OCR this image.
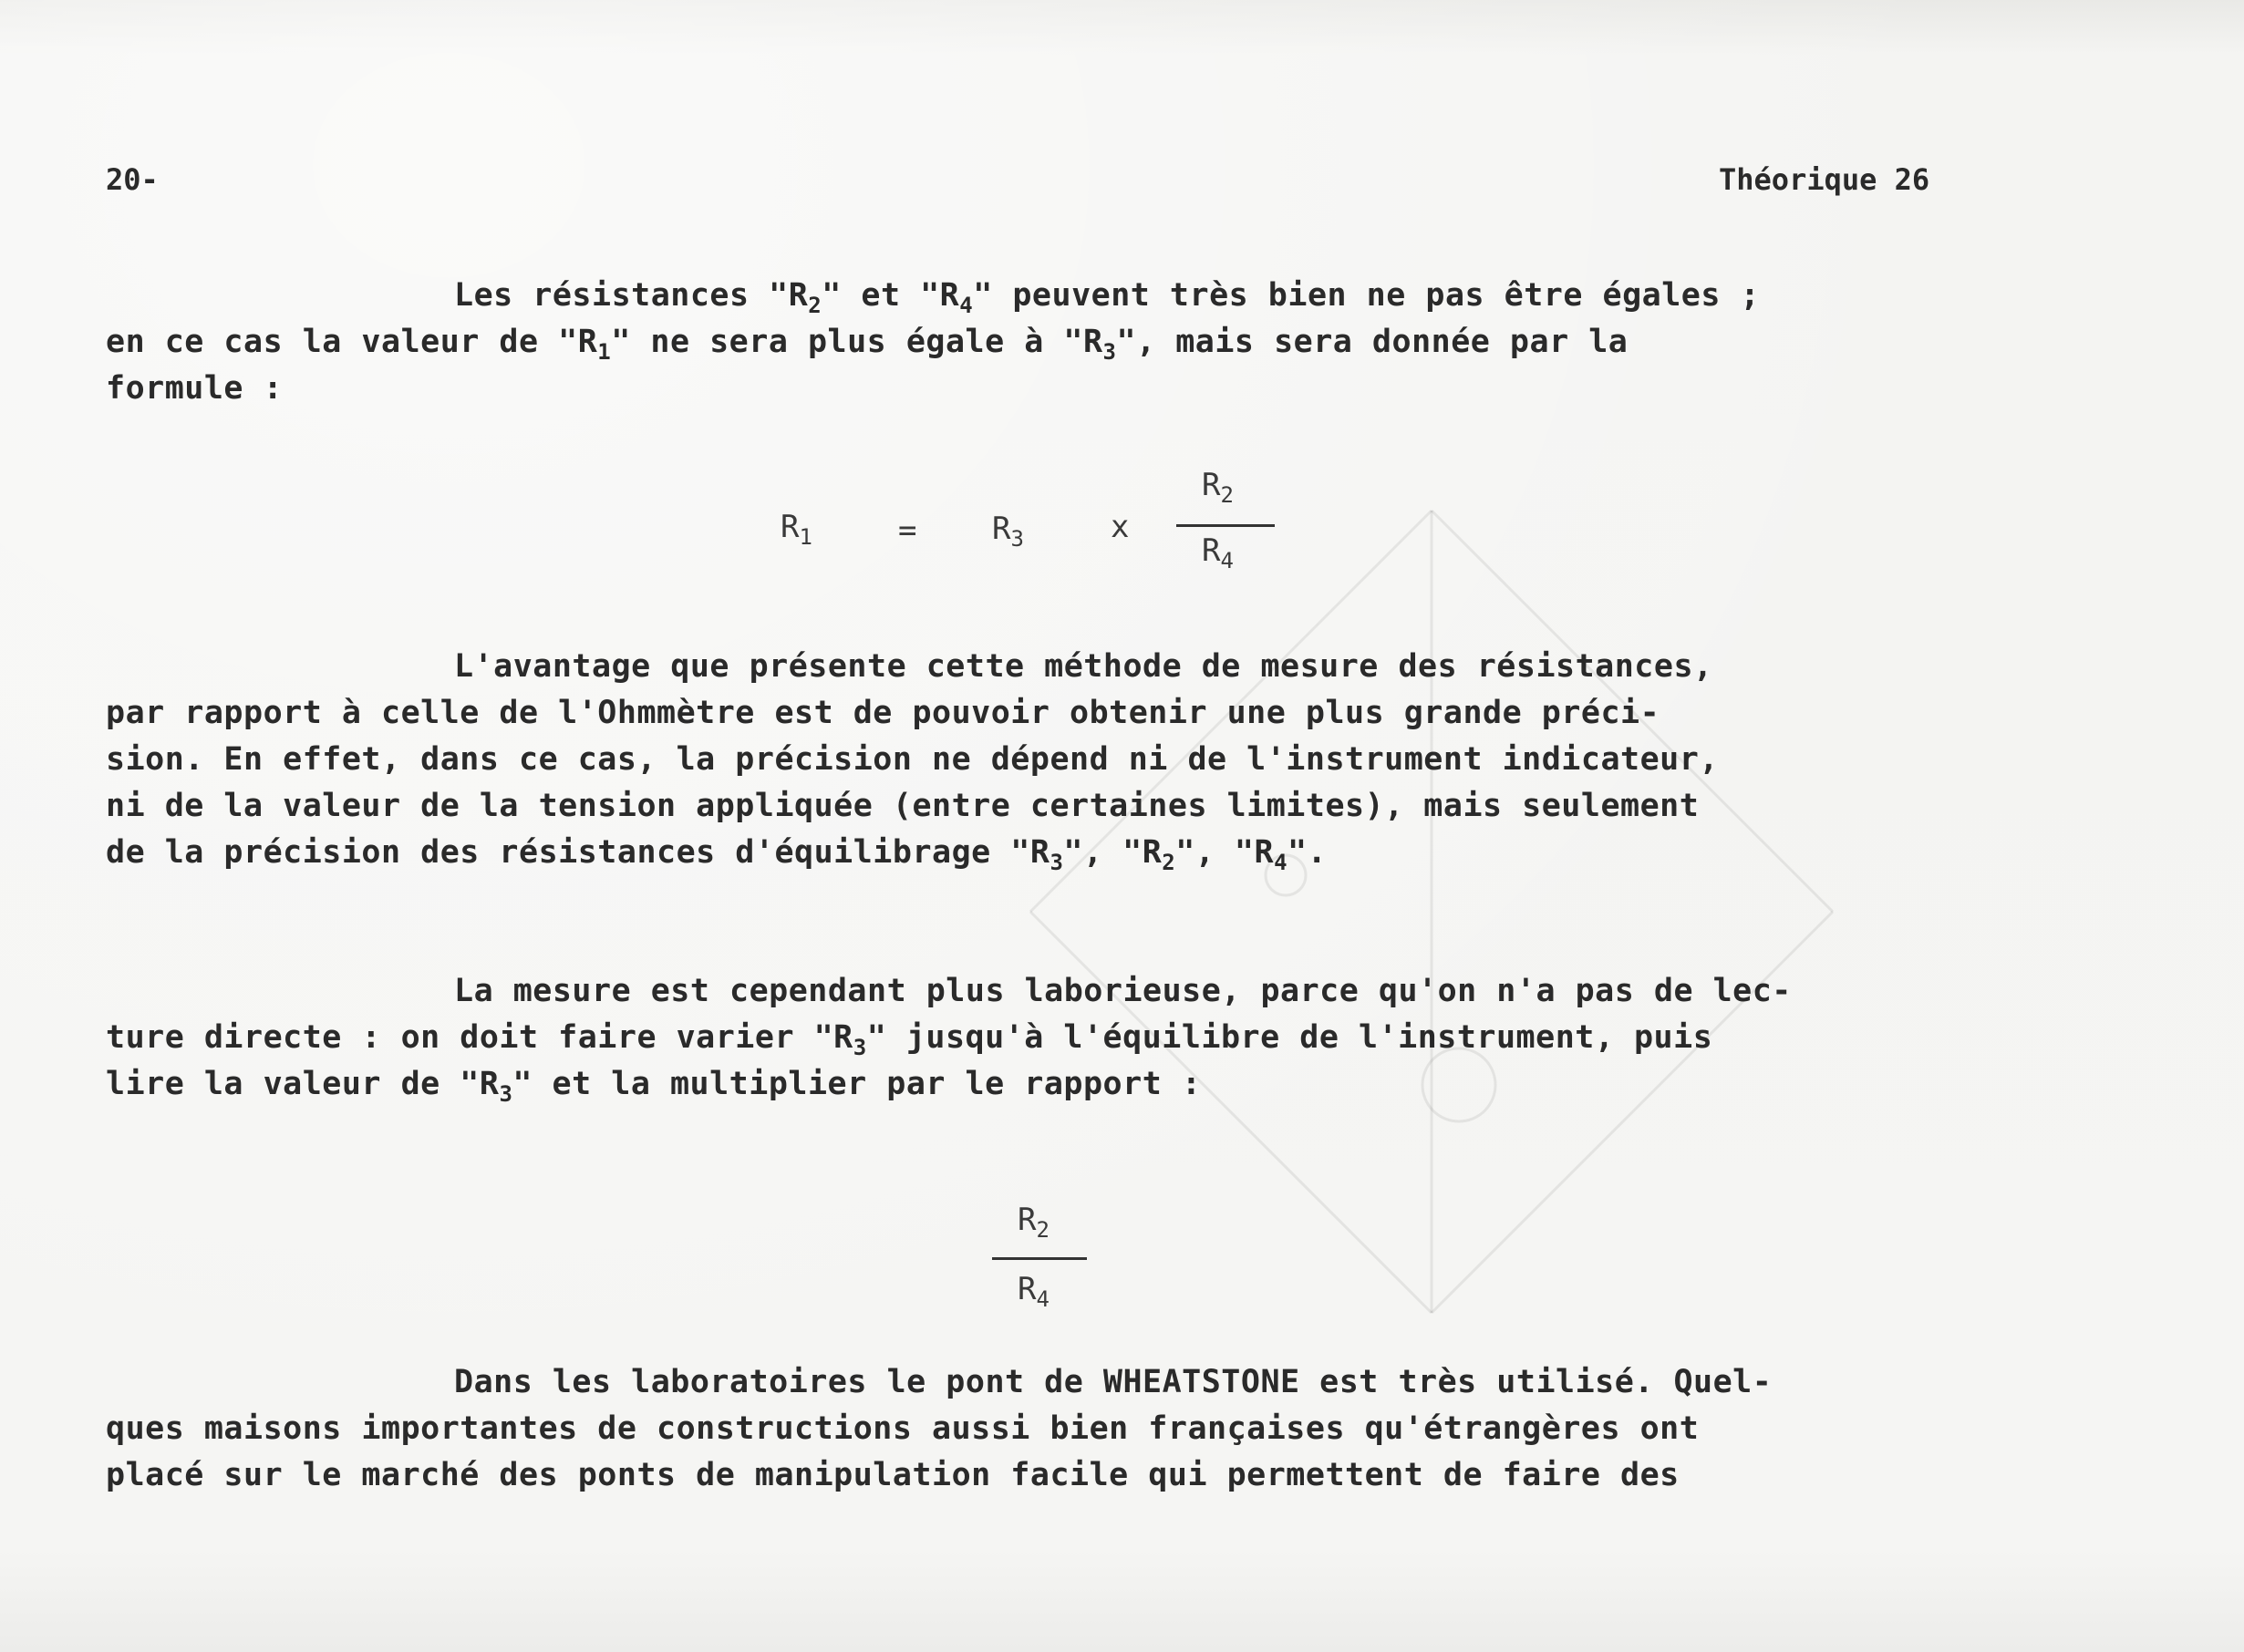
20-	Théorique 26
Les résistances "$R_2$" et "$R_4$" peuvent très bien ne pas être égales ;
en ce cas la valeur de "$R_1$" ne sera plus égale à "$R_3$", mais sera donnée par la
formule :
$R_1$	= $R_3$	x
$R_2$
$R_4$
L'avantage que présente cette méthode de mesure des résistances,
par rapport à celle de l'Ohmmètre est de pouvoir obtenir une plus grande préci-
sion. En effet, dans ce cas, la précision ne dépend ni de l'instrument indicateur,
ni de la valeur de la tension appliquée (entre certaines limites), mais seulement
de la précision des résistances d'équilibrage "$R_3$", "$R_2$", "$R_4$".
La mesure est cependant plus laborieuse, parce qu'on n'a pas de lec-
ture directe : on doit faire varier "$R_3$" jusqu'à l'équilibre de l'instrument, puis
lire la valeur de "$R_3$" et la multiplier par le rapport :
$R_2$
$R_4$
Dans les laboratoires le pont de WHEATSTONE est très utilisé. Quel-
ques maisons importantes de constructions aussi bien françaises qu'étrangères ont
placé sur le marché des ponts de manipulation facile qui permettent de faire des
